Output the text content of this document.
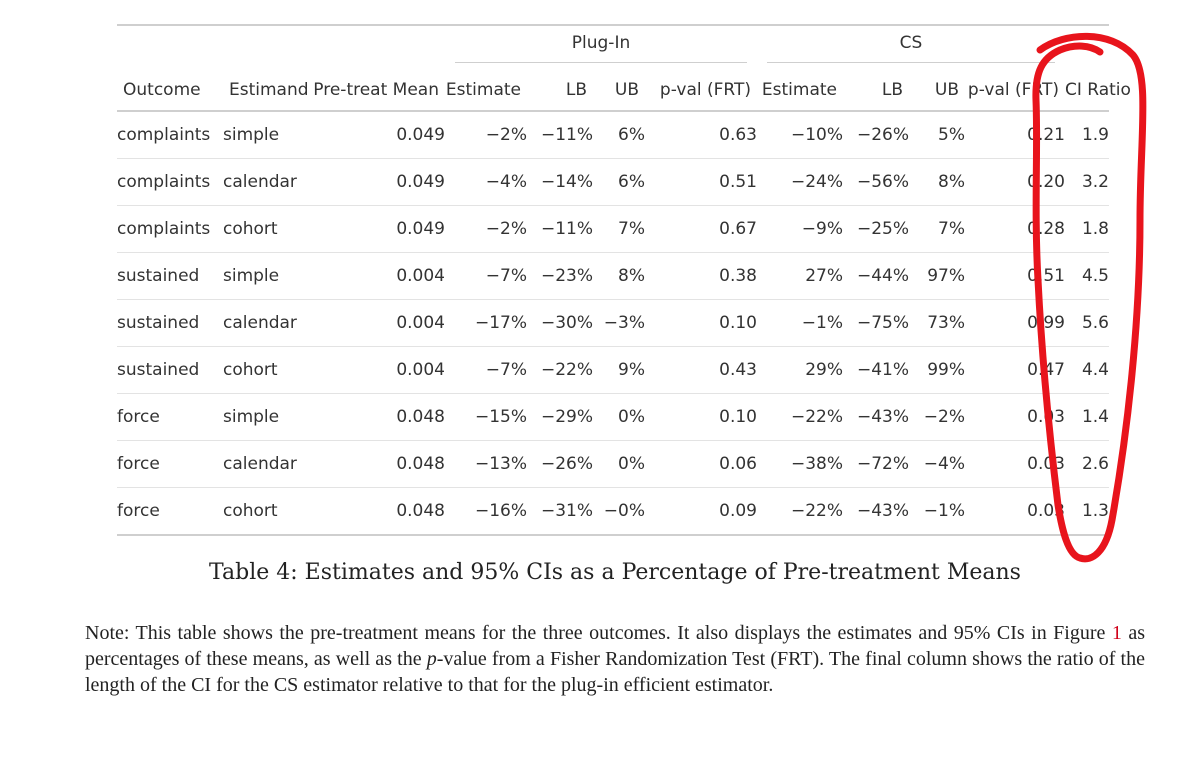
			Plug-In				CS				

Outcome	Estimand	Pre-treat Mean	Estimate	LB	UB	p-val (FRT)	Estimate	LB	UB	p-val (FRT)	CI Ratio
complaints	simple	0.049	−2%	−11%	6%	0.63	−10%	−26%	5%	0.21	1.9
complaints	calendar	0.049	−4%	−14%	6%	0.51	−24%	−56%	8%	0.20	3.2
complaints	cohort	0.049	−2%	−11%	7%	0.67	−9%	−25%	7%	0.28	1.8
sustained	simple	0.004	−7%	−23%	8%	0.38	27%	−44%	97%	0.51	4.5
sustained	calendar	0.004	−17%	−30%	−3%	0.10	−1%	−75%	73%	0.99	5.6
sustained	cohort	0.004	−7%	−22%	9%	0.43	29%	−41%	99%	0.47	4.4
force	simple	0.048	−15%	−29%	0%	0.10	−22%	−43%	−2%	0.03	1.4
force	calendar	0.048	−13%	−26%	0%	0.06	−38%	−72%	−4%	0.03	2.6
force	cohort	0.048	−16%	−31%	−0%	0.09	−22%	−43%	−1%	0.03	1.3
Table 4: Estimates and 95% CIs as a Percentage of Pre-treatment Means
Note: This table shows the pre-treatment means for the three outcomes. It also displays the estimates and 95% CIs in Figure 1 as percentages of these means, as well as the p-value from a Fisher Randomization Test (FRT). The final column shows the ratio of the length of the CI for the CS estimator relative to that for the plug-in efficient estimator.
